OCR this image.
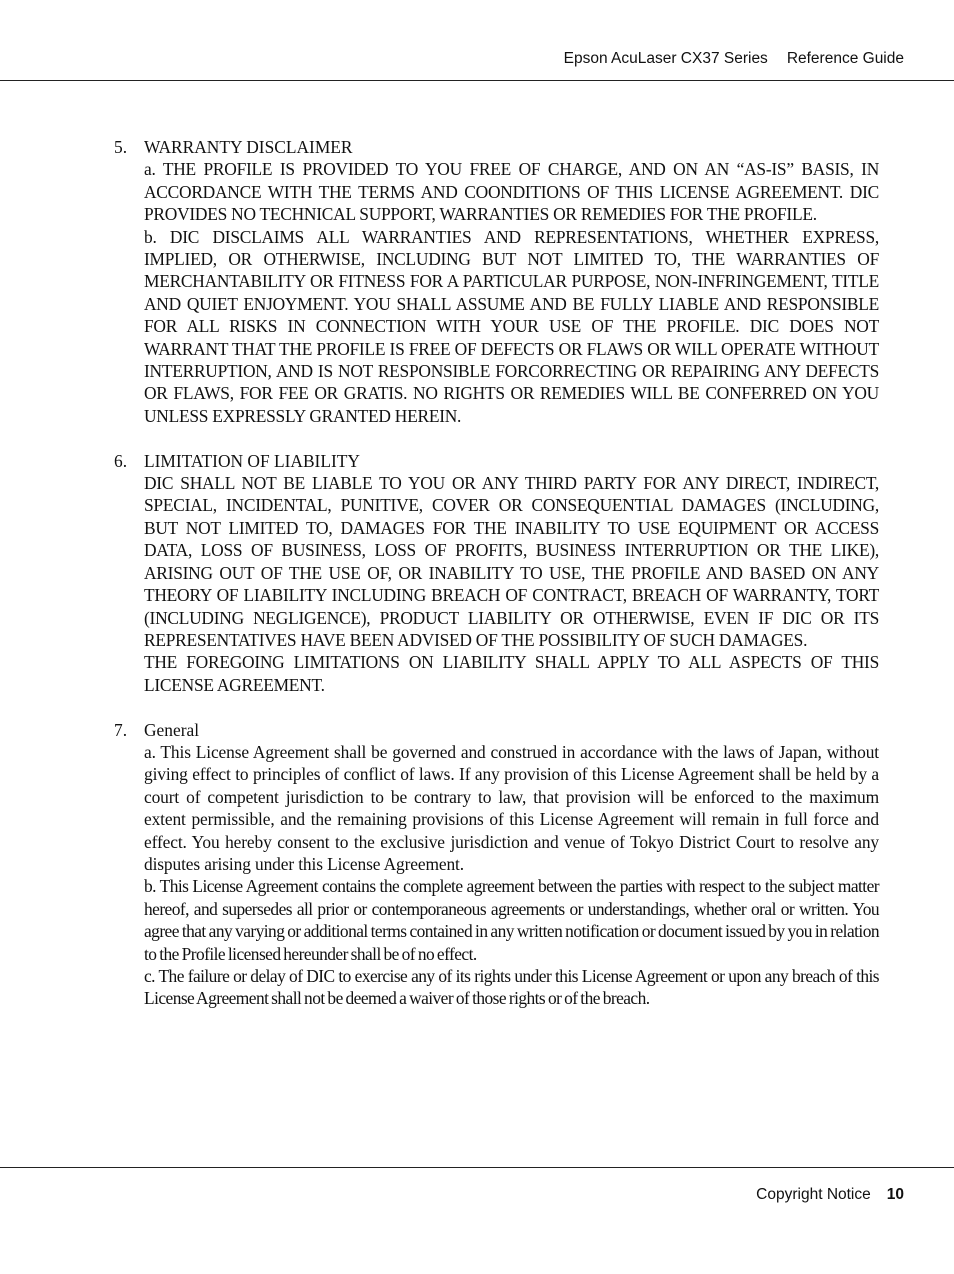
Epson AcuLaser CX37 Series Reference Guide
5. WARRANTY DISCLAIMER
a. THE PROFILE IS PROVIDED TO YOU FREE OF CHARGE, AND ON AN “AS-IS” BASIS, IN ACCORDANCE WITH THE TERMS AND COONDITIONS OF THIS LICENSE AGREEMENT. DIC PROVIDES NO TECHNICAL SUPPORT, WARRANTIES OR REMEDIES FOR THE PROFILE.
b. DIC DISCLAIMS ALL WARRANTIES AND REPRESENTATIONS, WHETHER EXPRESS, IMPLIED, OR OTHERWISE, INCLUDING BUT NOT LIMITED TO, THE WARRANTIES OF MERCHANTABILITY OR FITNESS FOR A PARTICULAR PURPOSE, NON-INFRINGEMENT, TITLE AND QUIET ENJOYMENT. YOU SHALL ASSUME AND BE FULLY LIABLE AND RESPONSIBLE FOR ALL RISKS IN CONNECTION WITH YOUR USE OF THE PROFILE. DIC DOES NOT WARRANT THAT THE PROFILE IS FREE OF DEFECTS OR FLAWS OR WILL OPERATE WITHOUT INTERRUPTION, AND IS NOT RESPONSIBLE FORCORRECTING OR REPAIRING ANY DEFECTS OR FLAWS, FOR FEE OR GRATIS. NO RIGHTS OR REMEDIES WILL BE CONFERRED ON YOU UNLESS EXPRESSLY GRANTED HEREIN.
6. LIMITATION OF LIABILITY
DIC SHALL NOT BE LIABLE TO YOU OR ANY THIRD PARTY FOR ANY DIRECT, INDIRECT, SPECIAL, INCIDENTAL, PUNITIVE, COVER OR CONSEQUENTIAL DAMAGES (INCLUDING, BUT NOT LIMITED TO, DAMAGES FOR THE INABILITY TO USE EQUIPMENT OR ACCESS DATA, LOSS OF BUSINESS, LOSS OF PROFITS, BUSINESS INTERRUPTION OR THE LIKE), ARISING OUT OF THE USE OF, OR INABILITY TO USE, THE PROFILE AND BASED ON ANY THEORY OF LIABILITY INCLUDING BREACH OF CONTRACT, BREACH OF WARRANTY, TORT (INCLUDING NEGLIGENCE), PRODUCT LIABILITY OR OTHERWISE, EVEN IF DIC OR ITS REPRESENTATIVES HAVE BEEN ADVISED OF THE POSSIBILITY OF SUCH DAMAGES.
THE FOREGOING LIMITATIONS ON LIABILITY SHALL APPLY TO ALL ASPECTS OF THIS LICENSE AGREEMENT.
7. General
a. This License Agreement shall be governed and construed in accordance with the laws of Japan, without giving effect to principles of conflict of laws. If any provision of this License Agreement shall be held by a court of competent jurisdiction to be contrary to law, that provision will be enforced to the maximum extent permissible, and the remaining provisions of this License Agreement will remain in full force and effect. You hereby consent to the exclusive jurisdiction and venue of Tokyo District Court to resolve any disputes arising under this License Agreement.
b. This License Agreement contains the complete agreement between the parties with respect to the subject matter hereof, and supersedes all prior or contemporaneous agreements or understandings, whether oral or written. You agree that any varying or additional terms contained in any written notification or document issued by you in relation to the Profile licensed hereunder shall be of no effect.
c. The failure or delay of DIC to exercise any of its rights under this License Agreement or upon any breach of this License Agreement shall not be deemed a waiver of those rights or of the breach.
Copyright Notice 10
